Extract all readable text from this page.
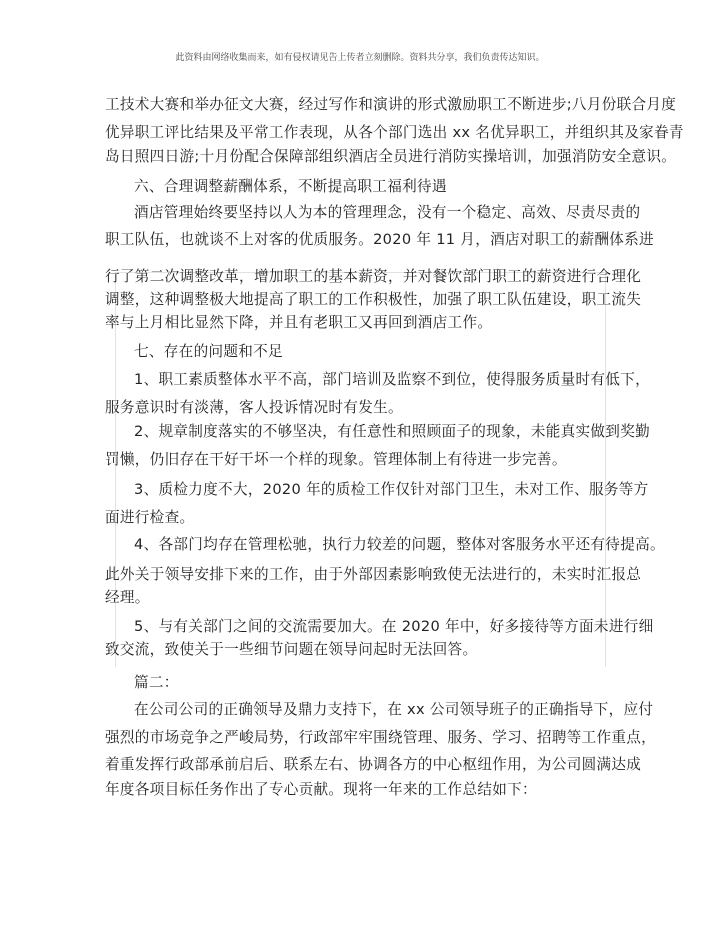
此资料由网络收集而来，如有侵权请见告上传者立刻删除。资料共分享，我们负责传达知识。
工技术大赛和举办征文大赛，经过写作和演讲的形式激励职工不断进步;八月份联合月度
优异职工评比结果及平常工作表现，从各个部门选出 xx 名优异职工，并组织其及家眷青
岛日照四日游;十月份配合保障部组织酒店全员进行消防实操培训，加强消防安全意识。
六、合理调整薪酬体系，不断提高职工福利待遇
酒店管理始终要坚持以人为本的管理理念，没有一个稳定、高效、尽责尽责的
职工队伍，也就谈不上对客的优质服务。2020 年 11 月，酒店对职工的薪酬体系进
行了第二次调整改革，增加职工的基本薪资，并对餐饮部门职工的薪资进行合理化
调整，这种调整极大地提高了职工的工作积极性，加强了职工队伍建设，职工流失
率与上月相比显然下降，并且有老职工又再回到酒店工作。
七、存在的问题和不足
1、职工素质整体水平不高，部门培训及监察不到位，使得服务质量时有低下，
服务意识时有淡薄，客人投诉情况时有发生。
2、规章制度落实的不够坚决，有任意性和照顾面子的现象，未能真实做到奖勤
罚懒，仍旧存在干好干坏一个样的现象。管理体制上有待进一步完善。
3、质检力度不大，2020 年的质检工作仅针对部门卫生，未对工作、服务等方
面进行检查。
4、各部门均存在管理松驰，执行力较差的问题，整体对客服务水平还有待提高。
此外关于领导安排下来的工作，由于外部因素影响致使无法进行的，未实时汇报总
经理。
5、与有关部门之间的交流需要加大。在 2020 年中，好多接待等方面未进行细
致交流，致使关于一些细节问题在领导问起时无法回答。
篇二：
在公司公司的正确领导及鼎力支持下，在 xx 公司领导班子的正确指导下，应付
强烈的市场竞争之严峻局势，行政部牢牢围绕管理、服务、学习、招聘等工作重点，
着重发挥行政部承前启后、联系左右、协调各方的中心枢纽作用，为公司圆满达成
年度各项目标任务作出了专心贡献。现将一年来的工作总结如下：
